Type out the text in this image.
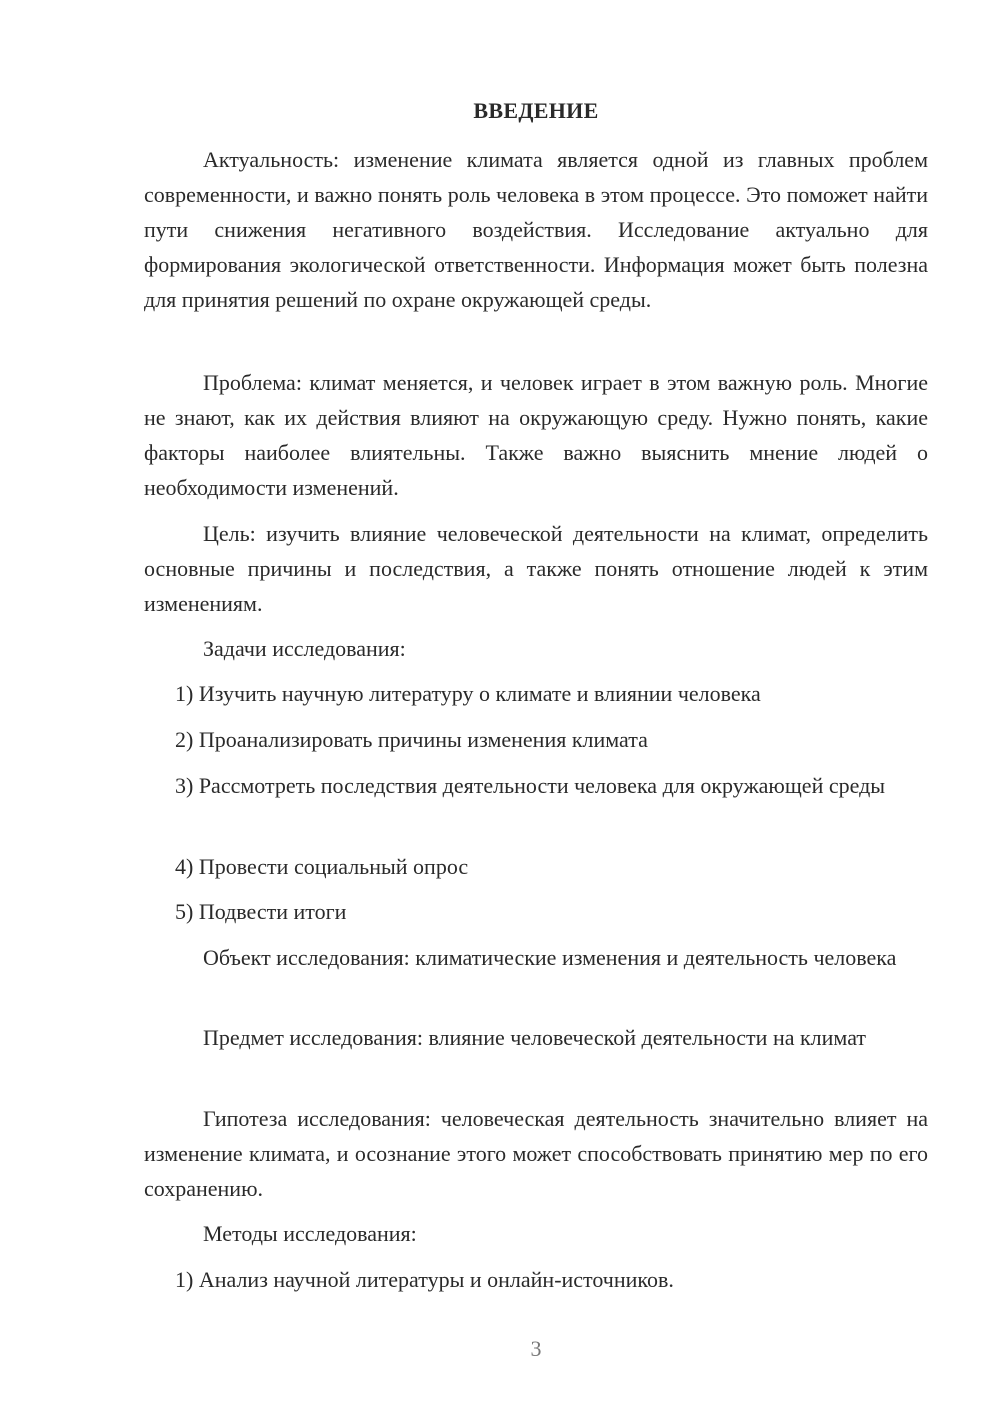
ВВЕДЕНИЕ

Актуальность: изменение климата является одной из главных проблем современности, и важно понять роль человека в этом процессе. Это поможет найти пути снижения негативного воздействия. Исследование актуально для формирования экологической ответственности. Информация может быть полезна для принятия решений по охране окружающей среды.

Проблема: климат меняется, и человек играет в этом важную роль. Многие не знают, как их действия влияют на окружающую среду. Нужно понять, какие факторы наиболее влиятельны. Также важно выяснить мнение людей о необходимости изменений.

Цель: изучить влияние человеческой деятельности на климат, определить основные причины и последствия, а также понять отношение людей к этим изменениям.

Задачи исследования:

1) Изучить научную литературу о климате и влиянии человека

2) Проанализировать причины изменения климата

3) Рассмотреть последствия деятельности человека для окружающей среды

4) Провести социальный опрос

5) Подвести итоги

Объект исследования: климатические изменения и деятельность человека

Предмет исследования: влияние человеческой деятельности на климат

Гипотеза исследования: человеческая деятельность значительно влияет на изменение климата, и осознание этого может способствовать принятию мер по его сохранению.

Методы исследования:

1) Анализ научной литературы и онлайн-источников.

3
